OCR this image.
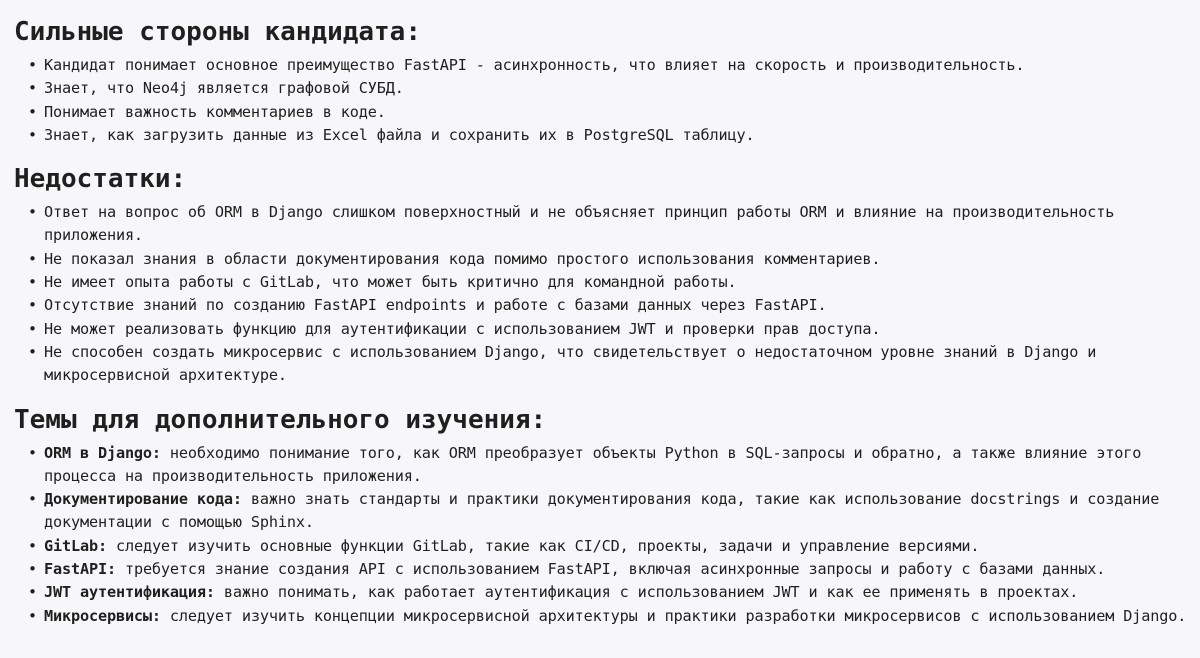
Сильные стороны кандидата:
• Кандидат понимает основное преимущество FastAPI - асинхронность, что влияет на скорость и производительность.
• Знает, что Neo4j является графовой СУБД.
• Понимает важность комментариев в коде.
• Знает, как загрузить данные из Excel файла и сохранить их в PostgreSQL таблицу.
Недостатки:
• Ответ на вопрос об ORM в Django слишком поверхностный и не объясняет принцип работы ORM и влияние на производительность приложения.
• Не показал знания в области документирования кода помимо простого использования комментариев.
• Не имеет опыта работы с GitLab, что может быть критично для командной работы.
• Отсутствие знаний по созданию FastAPI endpoints и работе с базами данных через FastAPI.
• Не может реализовать функцию для аутентификации с использованием JWT и проверки прав доступа.
• Не способен создать микросервис с использованием Django, что свидетельствует о недостаточном уровне знаний в Django и микросервисной архитектуре.
Темы для дополнительного изучения:
• ORM в Django: необходимо понимание того, как ORM преобразует объекты Python в SQL-запросы и обратно, а также влияние этого процесса на производительность приложения.
• Документирование кода: важно знать стандарты и практики документирования кода, такие как использование docstrings и создание документации с помощью Sphinx.
• GitLab: следует изучить основные функции GitLab, такие как CI/CD, проекты, задачи и управление версиями.
• FastAPI: требуется знание создания API с использованием FastAPI, включая асинхронные запросы и работу с базами данных.
• JWT аутентификация: важно понимать, как работает аутентификация с использованием JWT и как ее применять в проектах.
• Микросервисы: следует изучить концепции микросервисной архитектуры и практики разработки микросервисов с использованием Django.
